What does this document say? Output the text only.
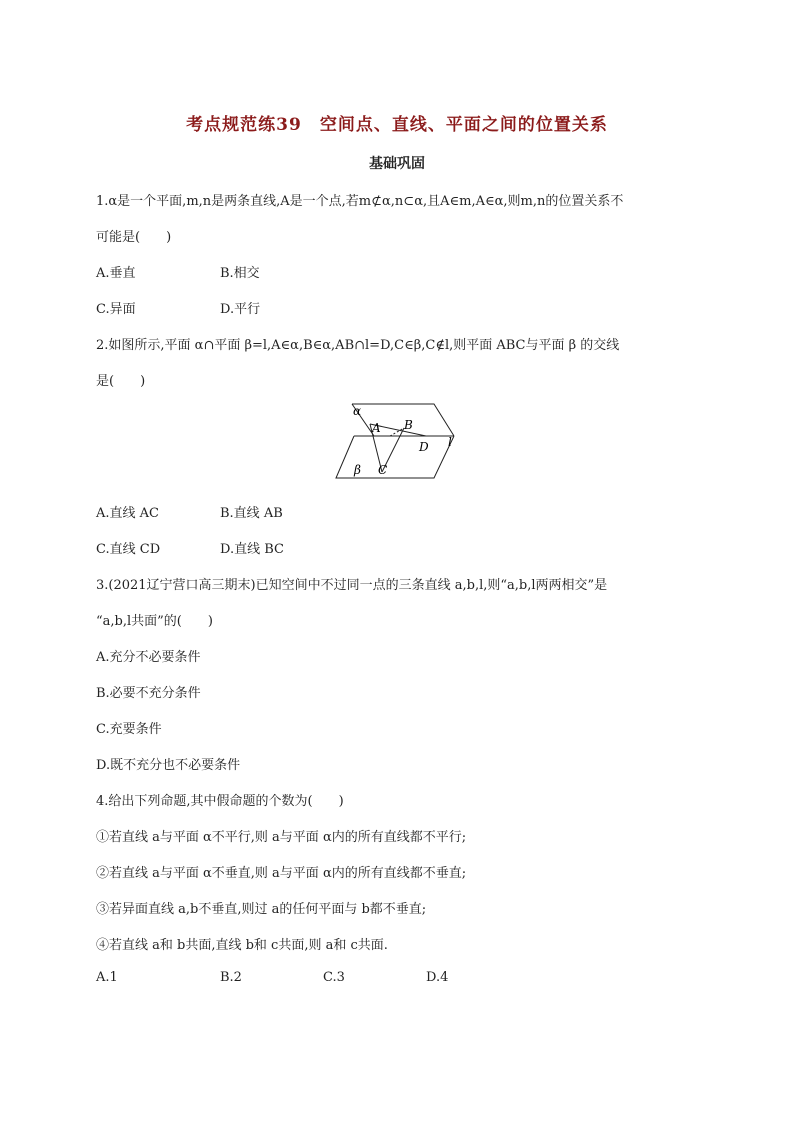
考点规范练39　空间点、直线、平面之间的位置关系
基础巩固
1.α是一个平面,m,n是两条直线,A是一个点,若m⊄α,n⊂α,且A∈m,A∈α,则m,n的位置关系不
可能是(　　)
A.垂直	B.相交
C.异面	D.平行
2.如图所示,平面 α∩平面 β=l,A∈α,B∈α,AB∩l=D,C∈β,C∉l,则平面 ABC与平面 β 的交线
是(　　)
α
A B
D l
β C
A.直线 AC	B.直线 AB
C.直线 CD	D.直线 BC
3.(2021辽宁营口高三期末)已知空间中不过同一点的三条直线 a,b,l,则“a,b,l两两相交”是
“a,b,l共面”的(　　)
A.充分不必要条件
B.必要不充分条件
C.充要条件
D.既不充分也不必要条件
4.给出下列命题,其中假命题的个数为(　　)
①若直线 a与平面 α不平行,则 a与平面 α内的所有直线都不平行;
②若直线 a与平面 α不垂直,则 a与平面 α内的所有直线都不垂直;
③若异面直线 a,b不垂直,则过 a的任何平面与 b都不垂直;
④若直线 a和 b共面,直线 b和 c共面,则 a和 c共面.
A.1	B.2	C.3	D.4
